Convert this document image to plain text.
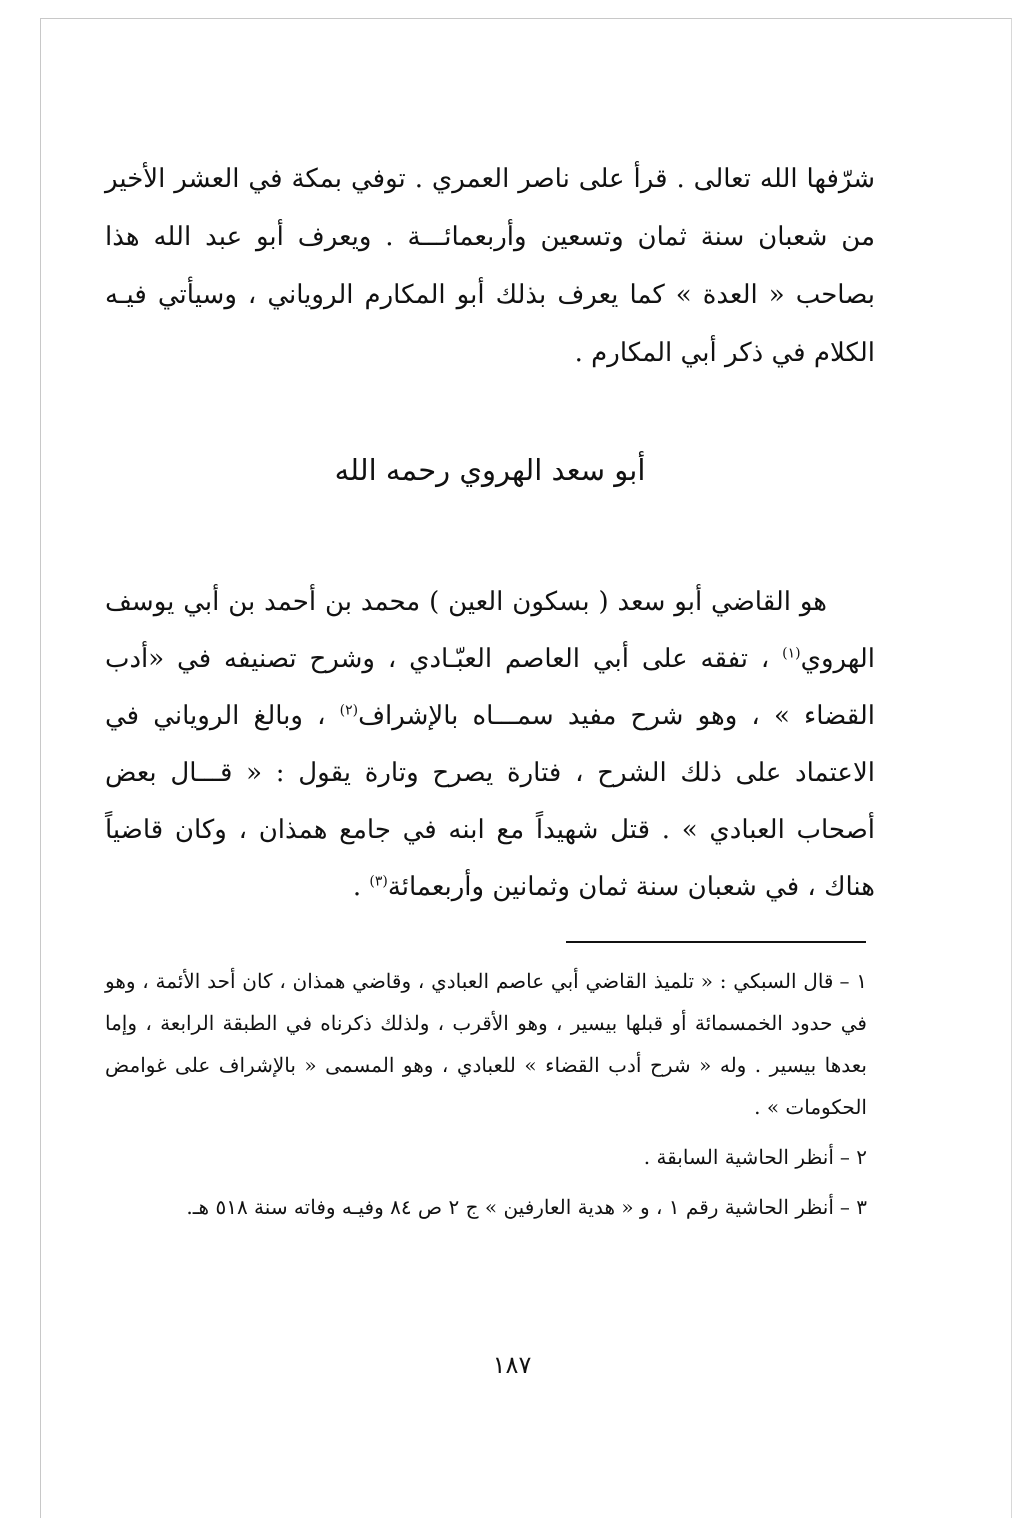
شرّفها الله تعالى . قرأ على ناصر العمري . توفي بمكة في العشر الأخير من شعبان سنة ثمان وتسعين وأربعمائـــة . ويعرف أبو عبد الله هذا بصاحب « العدة » كما يعرف بذلك أبو المكارم الروياني ، وسيأتي فيـه الكلام في ذكر أبي المكارم .
أبو سعد الهروي رحمه الله
هو القاضي أبو سعد ( بسكون العين ) محمد بن أحمد بن أبي يوسف الهروي$^{(١)}$ ، تفقه على أبي العاصم العبّـادي ، وشرح تصنيفه في «أدب القضاء » ، وهو شرح مفيد سمـــاه بالإشراف$^{(٢)}$ ، وبالغ الروياني في الاعتماد على ذلك الشرح ، فتارة يصرح وتارة يقول : « قـــال بعض أصحاب العبادي » . قتل شهيداً مع ابنه في جامع همذان ، وكان قاضياً هناك ، في شعبان سنة ثمان وثمانين وأربعمائة$^{(٣)}$ .

١ –قال السبكي : « تلميذ القاضي أبي عاصم العبادي ، وقاضي همذان ، كان أحد الأئمة ، وهو في حدود الخمسمائة أو قبلها بيسير ، وهو الأقرب ، ولذلك ذكرناه في الطبقة الرابعة ، وإما بعدها بيسير . وله « شرح أدب القضاء » للعبادي ، وهو المسمى « بالإشراف على غوامض الحكومات » .

٢ –أنظر الحاشية السابقة .

٣ –أنظر الحاشية رقم ١ ، و « هدية العارفين » ج ٢ ص ٨٤ وفيـه وفاته سنة ٥١٨ هـ.

١٨٧
